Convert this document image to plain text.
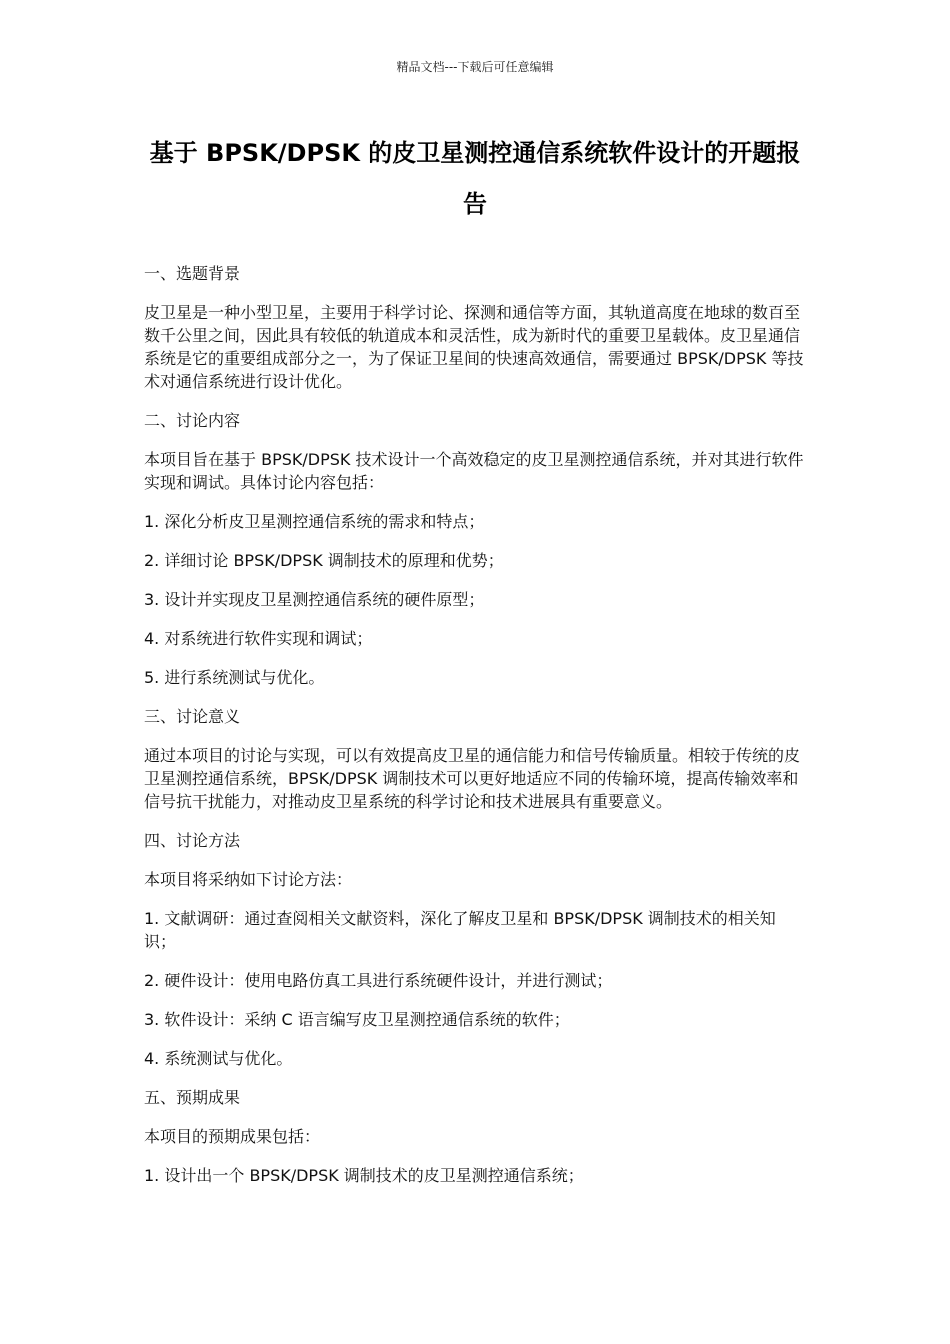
精品文档---下载后可任意编辑
基于 BPSK/DPSK 的皮卫星测控通信系统软件设计的开题报告
一、选题背景
皮卫星是一种小型卫星，主要用于科学讨论、探测和通信等方面，其轨道高度在地球的数百至数千公里之间，因此具有较低的轨道成本和灵活性，成为新时代的重要卫星载体。皮卫星通信系统是它的重要组成部分之一，为了保证卫星间的快速高效通信，需要通过 BPSK/DPSK 等技术对通信系统进行设计优化。
二、讨论内容
本项目旨在基于 BPSK/DPSK 技术设计一个高效稳定的皮卫星测控通信系统，并对其进行软件实现和调试。具体讨论内容包括：
1. 深化分析皮卫星测控通信系统的需求和特点；
2. 详细讨论 BPSK/DPSK 调制技术的原理和优势；
3. 设计并实现皮卫星测控通信系统的硬件原型；
4. 对系统进行软件实现和调试；
5. 进行系统测试与优化。
三、讨论意义
通过本项目的讨论与实现，可以有效提高皮卫星的通信能力和信号传输质量。相较于传统的皮卫星测控通信系统，BPSK/DPSK 调制技术可以更好地适应不同的传输环境，提高传输效率和信号抗干扰能力，对推动皮卫星系统的科学讨论和技术进展具有重要意义。
四、讨论方法
本项目将采纳如下讨论方法：
1. 文献调研：通过查阅相关文献资料，深化了解皮卫星和 BPSK/DPSK 调制技术的相关知识；
2. 硬件设计：使用电路仿真工具进行系统硬件设计，并进行测试；
3. 软件设计：采纳 C 语言编写皮卫星测控通信系统的软件；
4. 系统测试与优化。
五、预期成果
本项目的预期成果包括：
1. 设计出一个 BPSK/DPSK 调制技术的皮卫星测控通信系统；
